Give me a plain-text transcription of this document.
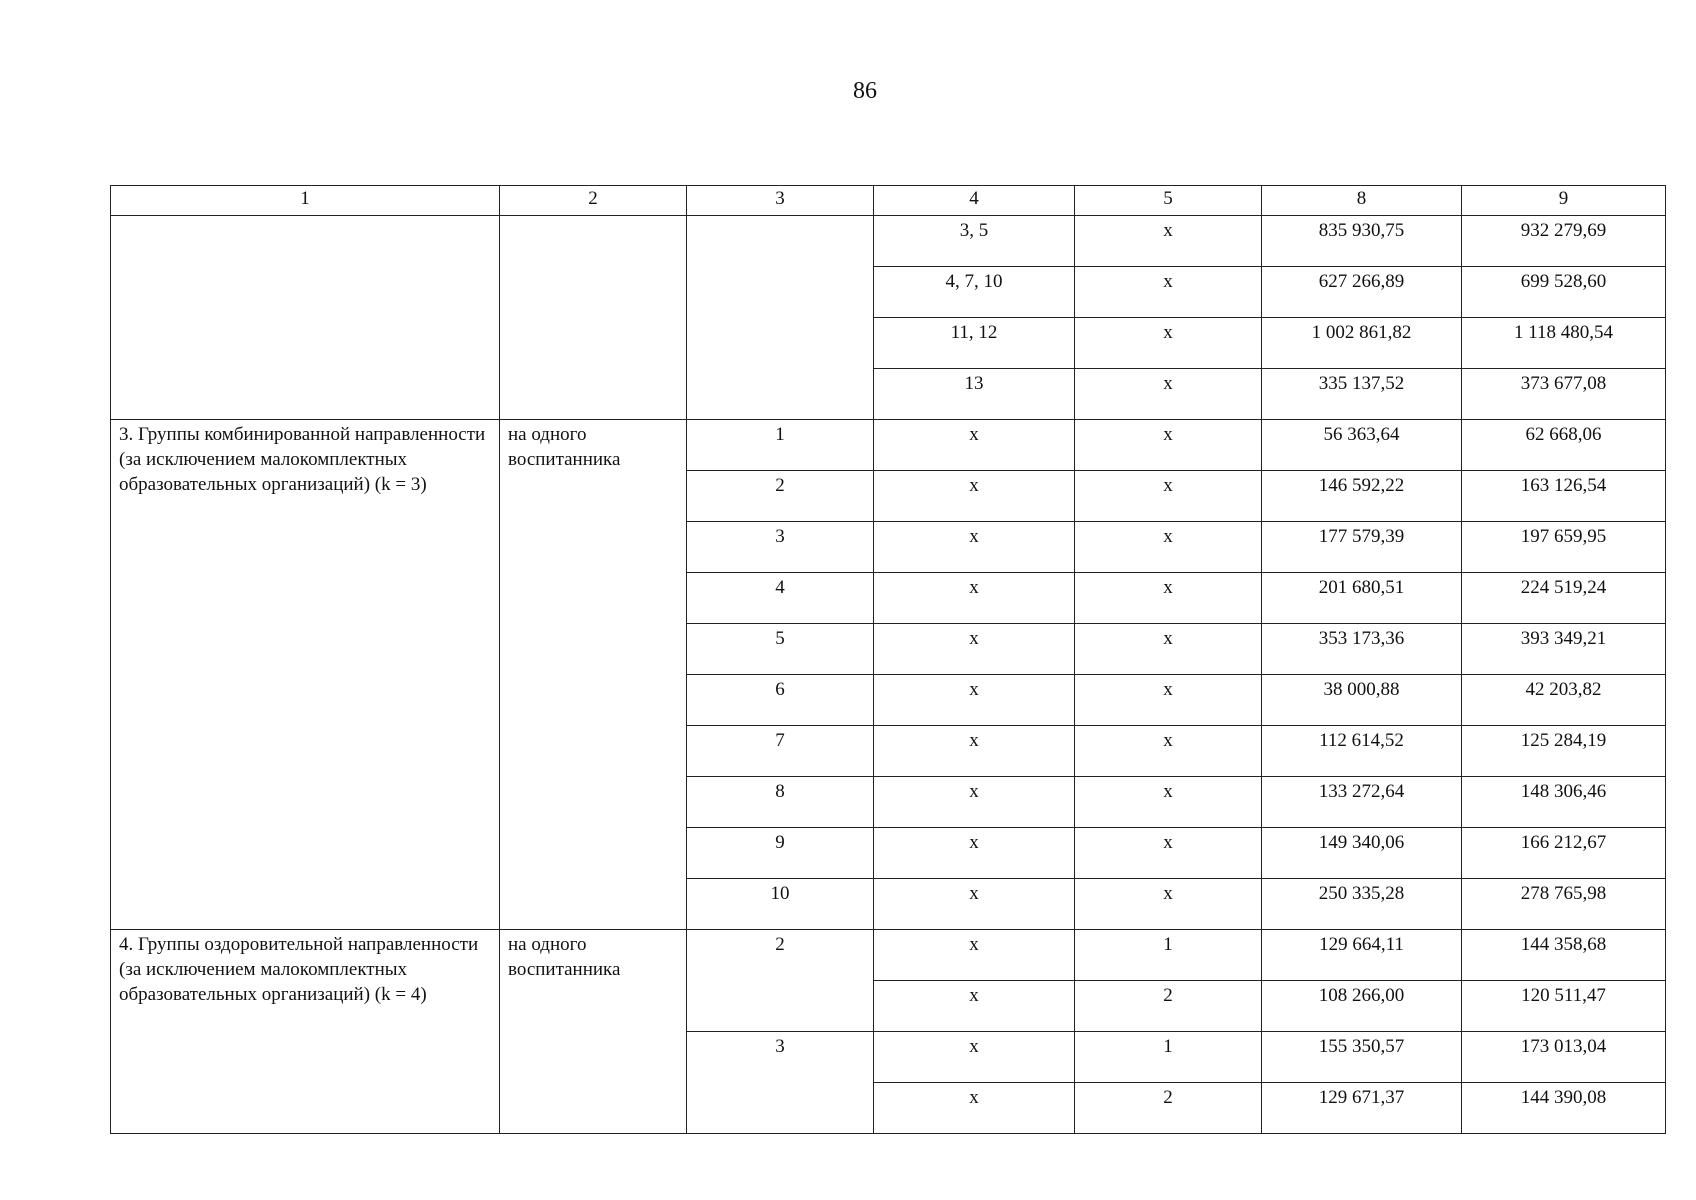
86
1	2	3	4	5	8	9
			3, 5	х	835 930,75	932 279,69
			4, 7, 10	х	627 266,89	699 528,60
			11, 12	х	1 002 861,82	1 118 480,54
			13	х	335 137,52	373 677,08
3. Группы комбинированной направленности (за исключением малокомплектных образовательных организаций) (k = 3)	на одного воспитанника	1	х	х	56 363,64	62 668,06
		2	х	х	146 592,22	163 126,54
		3	х	х	177 579,39	197 659,95
		4	х	х	201 680,51	224 519,24
		5	х	х	353 173,36	393 349,21
		6	х	х	38 000,88	42 203,82
		7	х	х	112 614,52	125 284,19
		8	х	х	133 272,64	148 306,46
		9	х	х	149 340,06	166 212,67
		10	х	х	250 335,28	278 765,98
4. Группы оздоровительной направленности (за исключением малокомплектных образовательных организаций) (k = 4)	на одного воспитанника	2	х	1	129 664,11	144 358,68
			х	2	108 266,00	120 511,47
		3	х	1	155 350,57	173 013,04
			х	2	129 671,37	144 390,08
